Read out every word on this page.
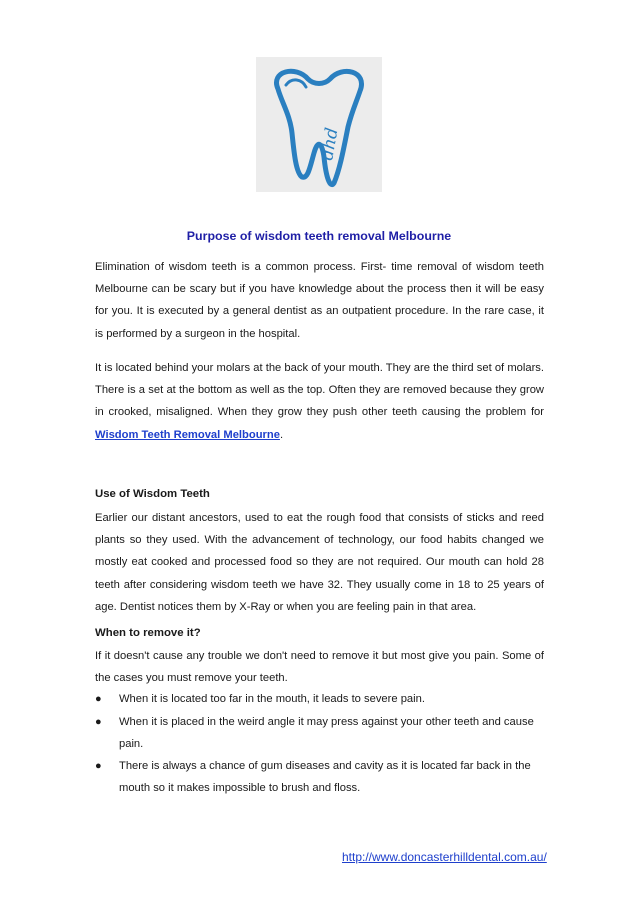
dhd
Purpose of wisdom teeth removal Melbourne
Elimination of wisdom teeth is a common process. First- time removal of wisdom teeth Melbourne can be scary but if you have knowledge about the process then it will be easy for you. It is executed by a general dentist as an outpatient procedure. In the rare case, it is performed by a surgeon in the hospital.
It is located behind your molars at the back of your mouth. They are the third set of molars. There is a set at the bottom as well as the top. Often they are removed because they grow in crooked, misaligned. When they grow they push other teeth causing the problem for Wisdom Teeth Removal Melbourne.
Use of Wisdom Teeth
Earlier our distant ancestors, used to eat the rough food that consists of sticks and reed plants so they used. With the advancement of technology, our food habits changed we mostly eat cooked and processed food so they are not required. Our mouth can hold 28 teeth after considering wisdom teeth we have 32. They usually come in 18 to 25 years of age. Dentist notices them by X-Ray or when you are feeling pain in that area.
When to remove it?
If it doesn't cause any trouble we don't need to remove it but most give you pain. Some of the cases you must remove your teeth.
●	When it is located too far in the mouth, it leads to severe pain.
●	When it is placed in the weird angle it may press against your other teeth and cause
pain.
●	There is always a chance of gum diseases and cavity as it is located far back in the
mouth so it makes impossible to brush and floss.
http://www.doncasterhilldental.com.au/
